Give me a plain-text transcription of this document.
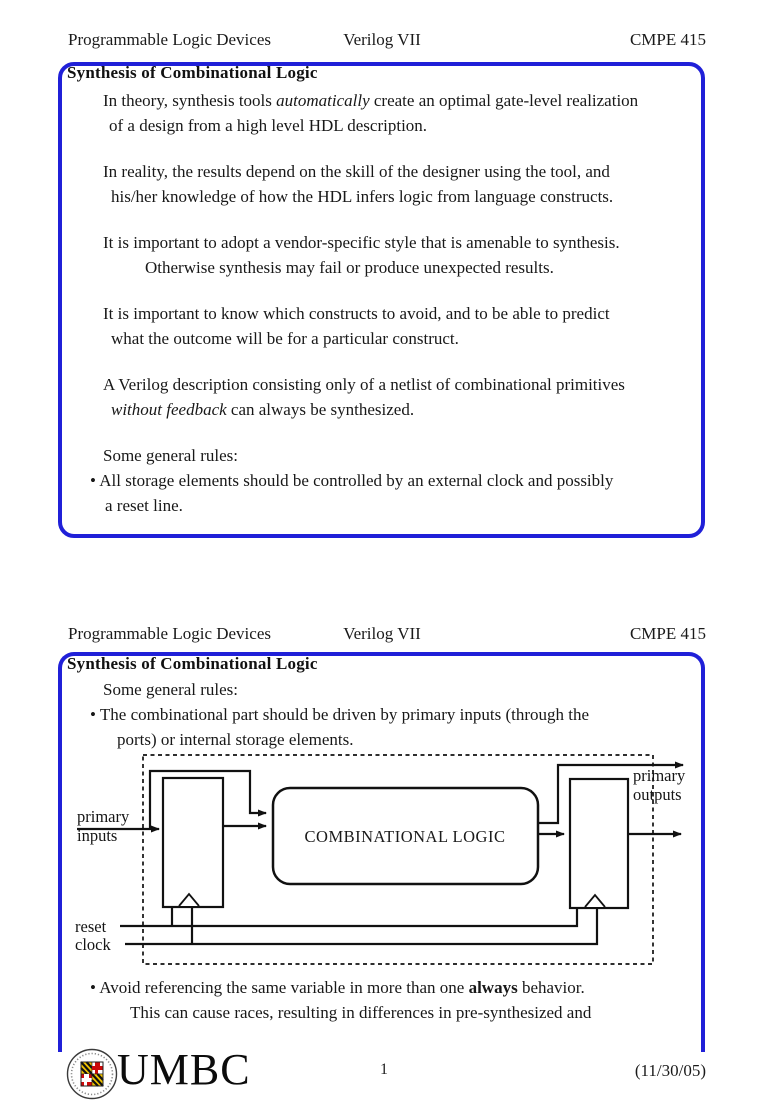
Programmable Logic Devices	Verilog VII	CMPE 415
Synthesis of Combinational Logic
In theory, synthesis tools automatically create an optimal gate-level realization
of a design from a high level HDL description.
In reality, the results depend on the skill of the designer using the tool, and
his/her knowledge of how the HDL infers logic from language constructs.
It is important to adopt a vendor-specific style that is amenable to synthesis.
Otherwise synthesis may fail or produce unexpected results.
It is important to know which constructs to avoid, and to be able to predict
what the outcome will be for a particular construct.
A Verilog description consisting only of a netlist of combinational primitives
without feedback can always be synthesized.
Some general rules:
• All storage elements should be controlled by an external clock and possibly
a reset line.
UMBC	1	(11/30/05)
Programmable Logic Devices	Verilog VII	CMPE 415
Synthesis of Combinational Logic
Some general rules:
• The combinational part should be driven by primary inputs (through the
ports) or internal storage elements.
COMBINATIONAL LOGIC
primary
inputs
primary
outputs
reset
clock
• Avoid referencing the same variable in more than one always behavior.
This can cause races, resulting in differences in pre-synthesized and
